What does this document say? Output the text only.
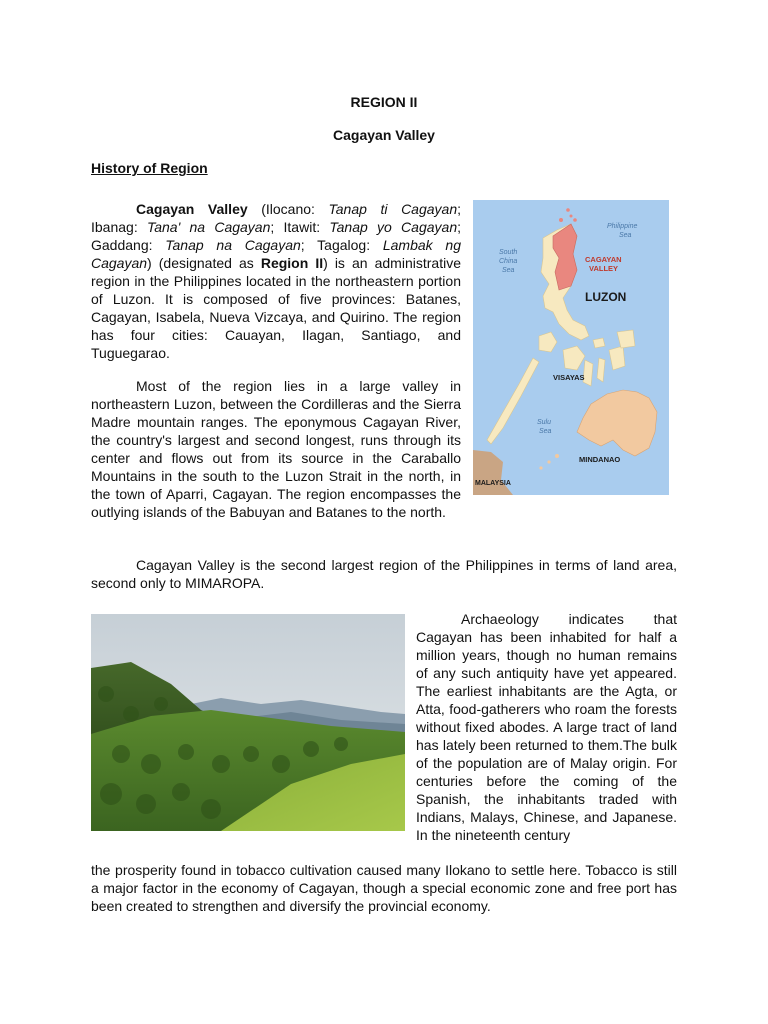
REGION II
Cagayan Valley
History of Region

Cagayan Valley (Ilocano: Tanap ti Cagayan; Ibanag: Tana' na Cagayan; Itawit: Tanap yo Cagayan; Gaddang: Tanap na Cagayan; Tagalog: Lambak ng Cagayan) (designated as Region II) is an administrative region in the Philippines located in the northeastern portion of Luzon. It is composed of five provinces: Batanes, Cagayan, Isabela, Nueva Vizcaya, and Quirino. The region has four cities: Cauayan, Ilagan, Santiago, and Tuguegarao.

Most of the region lies in a large valley in northeastern Luzon, between the Cordilleras and the Sierra Madre mountain ranges. The eponymous Cagayan River, the country's largest and second longest, runs through its center and flows out from its source in the Caraballo Mountains in the south to the Luzon Strait in the north, in the town of Aparri, Cagayan. The region encompasses the outlying islands of the Babuyan and Batanes to the north.

Cagayan Valley is the second largest region of the Philippines in terms of land area, second only to MIMAROPA.

Archaeology indicates that Cagayan has been inhabited for half a million years, though no human remains of any such antiquity have yet appeared. The earliest inhabitants are the Agta, or Atta, food-gatherers who roam the forests without fixed abodes. A large tract of land has lately been returned to them.The bulk of the population are of Malay origin. For centuries before the coming of the Spanish, the inhabitants traded with Indians, Malays, Chinese, and Japanese. In the nineteenth century

the prosperity found in tobacco cultivation caused many Ilokano to settle here. Tobacco is still a major factor in the economy of Cagayan, though a special economic zone and free port has been created to strengthen and diversify the provincial economy.

Philippine
Sea
South
China
Sea
CAGAYAN
VALLEY
LUZON
VISAYAS
Sulu
Sea
MINDANAO
MALAYSIA
